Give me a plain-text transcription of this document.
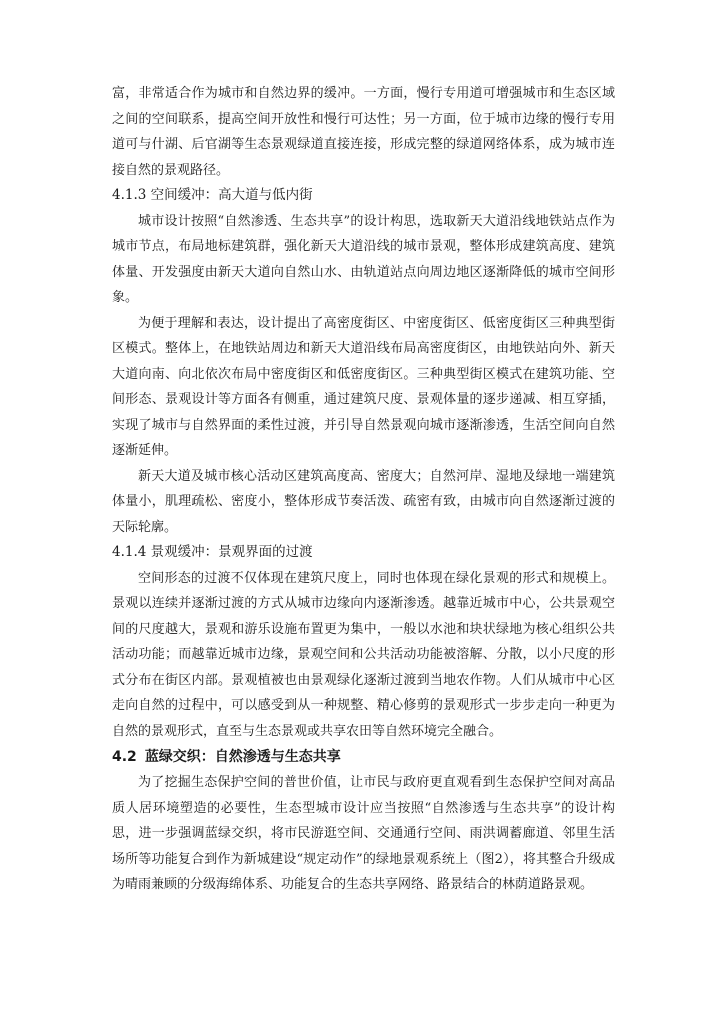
富，非常适合作为城市和自然边界的缓冲。一方面，慢行专用道可增强城市和生态区域之间的空间联系，提高空间开放性和慢行可达性；另一方面，位于城市边缘的慢行专用道可与什湖、后官湖等生态景观绿道直接连接，形成完整的绿道网络体系，成为城市连接自然的景观路径。

4.1.3 空间缓冲：高大道与低内街

城市设计按照“自然渗透、生态共享”的设计构思，选取新天大道沿线地铁站点作为城市节点，布局地标建筑群，强化新天大道沿线的城市景观，整体形成建筑高度、建筑体量、开发强度由新天大道向自然山水、由轨道站点向周边地区逐渐降低的城市空间形象。

为便于理解和表达，设计提出了高密度街区、中密度街区、低密度街区三种典型街区模式。整体上，在地铁站周边和新天大道沿线布局高密度街区，由地铁站向外、新天大道向南、向北依次布局中密度街区和低密度街区。三种典型街区模式在建筑功能、空间形态、景观设计等方面各有侧重，通过建筑尺度、景观体量的逐步递减、相互穿插，实现了城市与自然界面的柔性过渡，并引导自然景观向城市逐渐渗透，生活空间向自然逐渐延伸。

新天大道及城市核心活动区建筑高度高、密度大；自然河岸、湿地及绿地一端建筑体量小，肌理疏松、密度小，整体形成节奏活泼、疏密有致，由城市向自然逐渐过渡的天际轮廓。

4.1.4 景观缓冲：景观界面的过渡

空间形态的过渡不仅体现在建筑尺度上，同时也体现在绿化景观的形式和规模上。景观以连续并逐渐过渡的方式从城市边缘向内逐渐渗透。越靠近城市中心，公共景观空间的尺度越大，景观和游乐设施布置更为集中，一般以水池和块状绿地为核心组织公共活动功能；而越靠近城市边缘，景观空间和公共活动功能被溶解、分散，以小尺度的形式分布在街区内部。景观植被也由景观绿化逐渐过渡到当地农作物。人们从城市中心区走向自然的过程中，可以感受到从一种规整、精心修剪的景观形式一步步走向一种更为自然的景观形式，直至与生态景观或共享农田等自然环境完全融合。

4.2 蓝绿交织：自然渗透与生态共享

为了挖掘生态保护空间的普世价值，让市民与政府更直观看到生态保护空间对高品质人居环境塑造的必要性，生态型城市设计应当按照“自然渗透与生态共享”的设计构思，进一步强调蓝绿交织，将市民游逛空间、交通通行空间、雨洪调蓄廊道、邻里生活场所等功能复合到作为新城建设“规定动作”的绿地景观系统上（图2），将其整合升级成为晴雨兼顾的分级海绵体系、功能复合的生态共享网络、路景结合的林荫道路景观。
